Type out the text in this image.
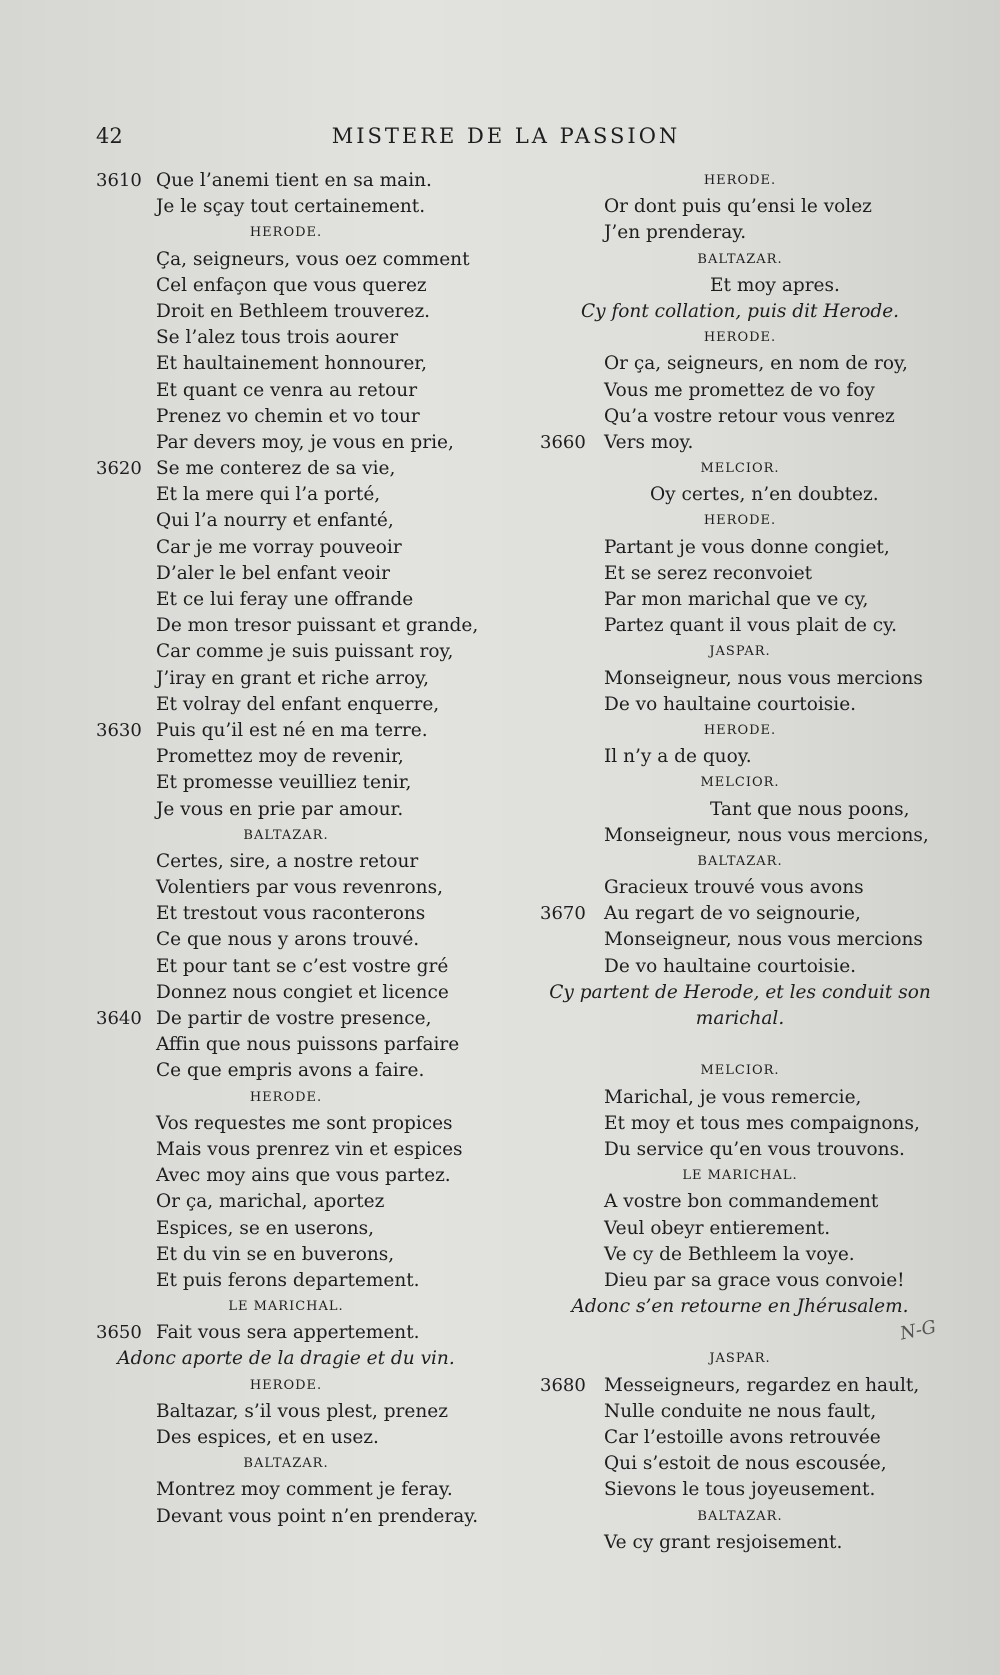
42	MISTERE DE LA PASSION
3610 Que l’anemi tient en sa main.
Je le sçay tout certainement.
HERODE.
Ça, seigneurs, vous oez comment
Cel enfaçon que vous querez
Droit en Bethleem trouverez.
Se l’alez tous trois aourer
Et haultainement honnourer,
Et quant ce venra au retour
Prenez vo chemin et vo tour
Par devers moy, je vous en prie,
3620 Se me conterez de sa vie,
Et la mere qui l’a porté,
Qui l’a nourry et enfanté,
Car je me vorray pouveoir
D’aler le bel enfant veoir
Et ce lui feray une offrande
De mon tresor puissant et grande,
Car comme je suis puissant roy,
J’iray en grant et riche arroy,
Et volray del enfant enquerre,
3630 Puis qu’il est né en ma terre.
Promettez moy de revenir,
Et promesse veuilliez tenir,
Je vous en prie par amour.
BALTAZAR.
Certes, sire, a nostre retour
Volentiers par vous revenrons,
Et trestout vous raconterons
Ce que nous y arons trouvé.
Et pour tant se c’est vostre gré
Donnez nous congiet et licence
3640 De partir de vostre presence,
Affin que nous puissons parfaire
Ce que empris avons a faire.
HERODE.
Vos requestes me sont propices
Mais vous prenrez vin et espices
Avec moy ains que vous partez.
Or ça, marichal, aportez
Espices, se en userons,
Et du vin se en buverons,
Et puis ferons departement.
LE MARICHAL.
3650 Fait vous sera appertement.
Adonc aporte de la dragie et du vin.
HERODE.
Baltazar, s’il vous plest, prenez
Des espices, et en usez.
BALTAZAR.
Montrez moy comment je feray.
Devant vous point n’en prenderay.
HERODE.
Or dont puis qu’ensi le volez
J’en prenderay.
BALTAZAR.
Et moy apres.
Cy font collation, puis dit Herode.
HERODE.
Or ça, seigneurs, en nom de roy,
Vous me promettez de vo foy
Qu’a vostre retour vous venrez
3660 Vers moy.
MELCIOR.
Oy certes, n’en doubtez.
HERODE.
Partant je vous donne congiet,
Et se serez reconvoiet
Par mon marichal que ve cy,
Partez quant il vous plait de cy.
JASPAR.
Monseigneur, nous vous mercions
De vo haultaine courtoisie.
HERODE.
Il n’y a de quoy.
MELCIOR.
Tant que nous poons,
Monseigneur, nous vous mercions,
BALTAZAR.
Gracieux trouvé vous avons
3670 Au regart de vo seignourie,
Monseigneur, nous vous mercions
De vo haultaine courtoisie.
Cy partent de Herode, et les conduit son
marichal.
MELCIOR.
Marichal, je vous remercie,
Et moy et tous mes compaignons,
Du service qu’en vous trouvons.
LE MARICHAL.
A vostre bon commandement
Veul obeyr entierement.
Ve cy de Bethleem la voye.
Dieu par sa grace vous convoie!
Adonc s’en retourne en Jhérusalem.
JASPAR.
3680 Messeigneurs, regardez en hault,
Nulle conduite ne nous fault,
Car l’estoille avons retrouvée
Qui s’estoit de nous escousée,
Sievons le tous joyeusement.
BALTAZAR.
Ve cy grant resjoisement.
N-G
